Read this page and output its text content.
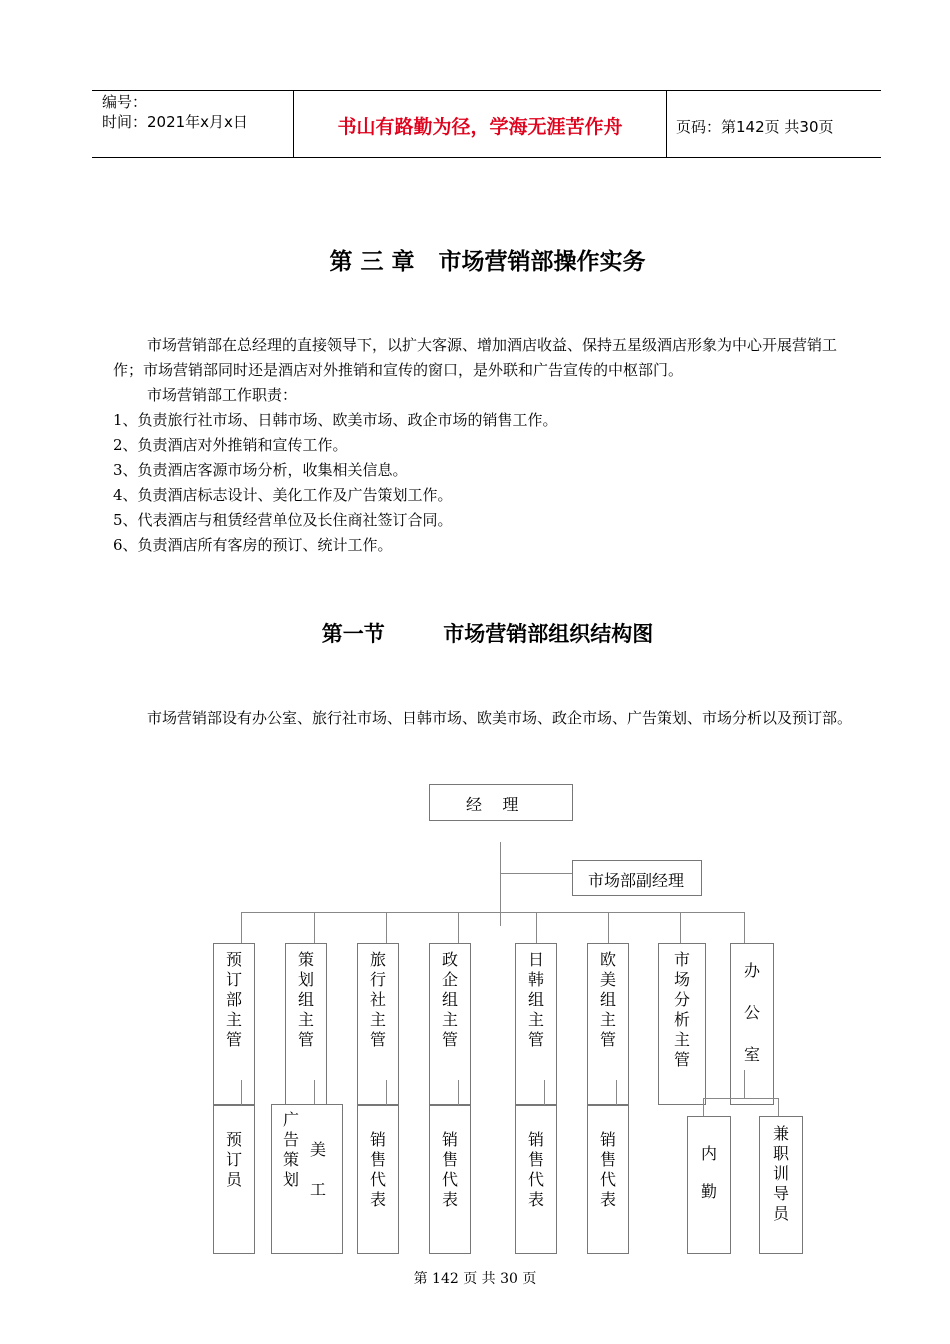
编号：
时间：2021年x月x日	书山有路勤为径，学海无涯苦作舟	页码：第142页 共30页
第 三 章   市场营销部操作实务
市场营销部在总经理的直接领导下，以扩大客源、增加酒店收益、保持五星级酒店形象为中心开展营销工作；市场营销部同时还是酒店对外推销和宣传的窗口，是外联和广告宣传的中枢部门。
市场营销部工作职责：
1、负责旅行社市场、日韩市场、欧美市场、政企市场的销售工作。
2、负责酒店对外推销和宣传工作。
3、负责酒店客源市场分析，收集相关信息。
4、负责酒店标志设计、美化工作及广告策划工作。
5、代表酒店与租赁经营单位及长住商社签订合同。
6、负责酒店所有客房的预订、统计工作。
第一节        市场营销部组织结构图
市场营销部设有办公室、旅行社市场、日韩市场、欧美市场、政企市场、广告策划、市场分析以及预订部。
经    理
市场部副经理
预订部主管
策划组主管
旅行社主管
政企组主管
日韩组主管
欧美组主管
市场分析主管
办公室
预订员
广告策划
美工
销售代表
销售代表
销售代表
销售代表
内
勤
兼职训导员
第 142 页 共 30 页
